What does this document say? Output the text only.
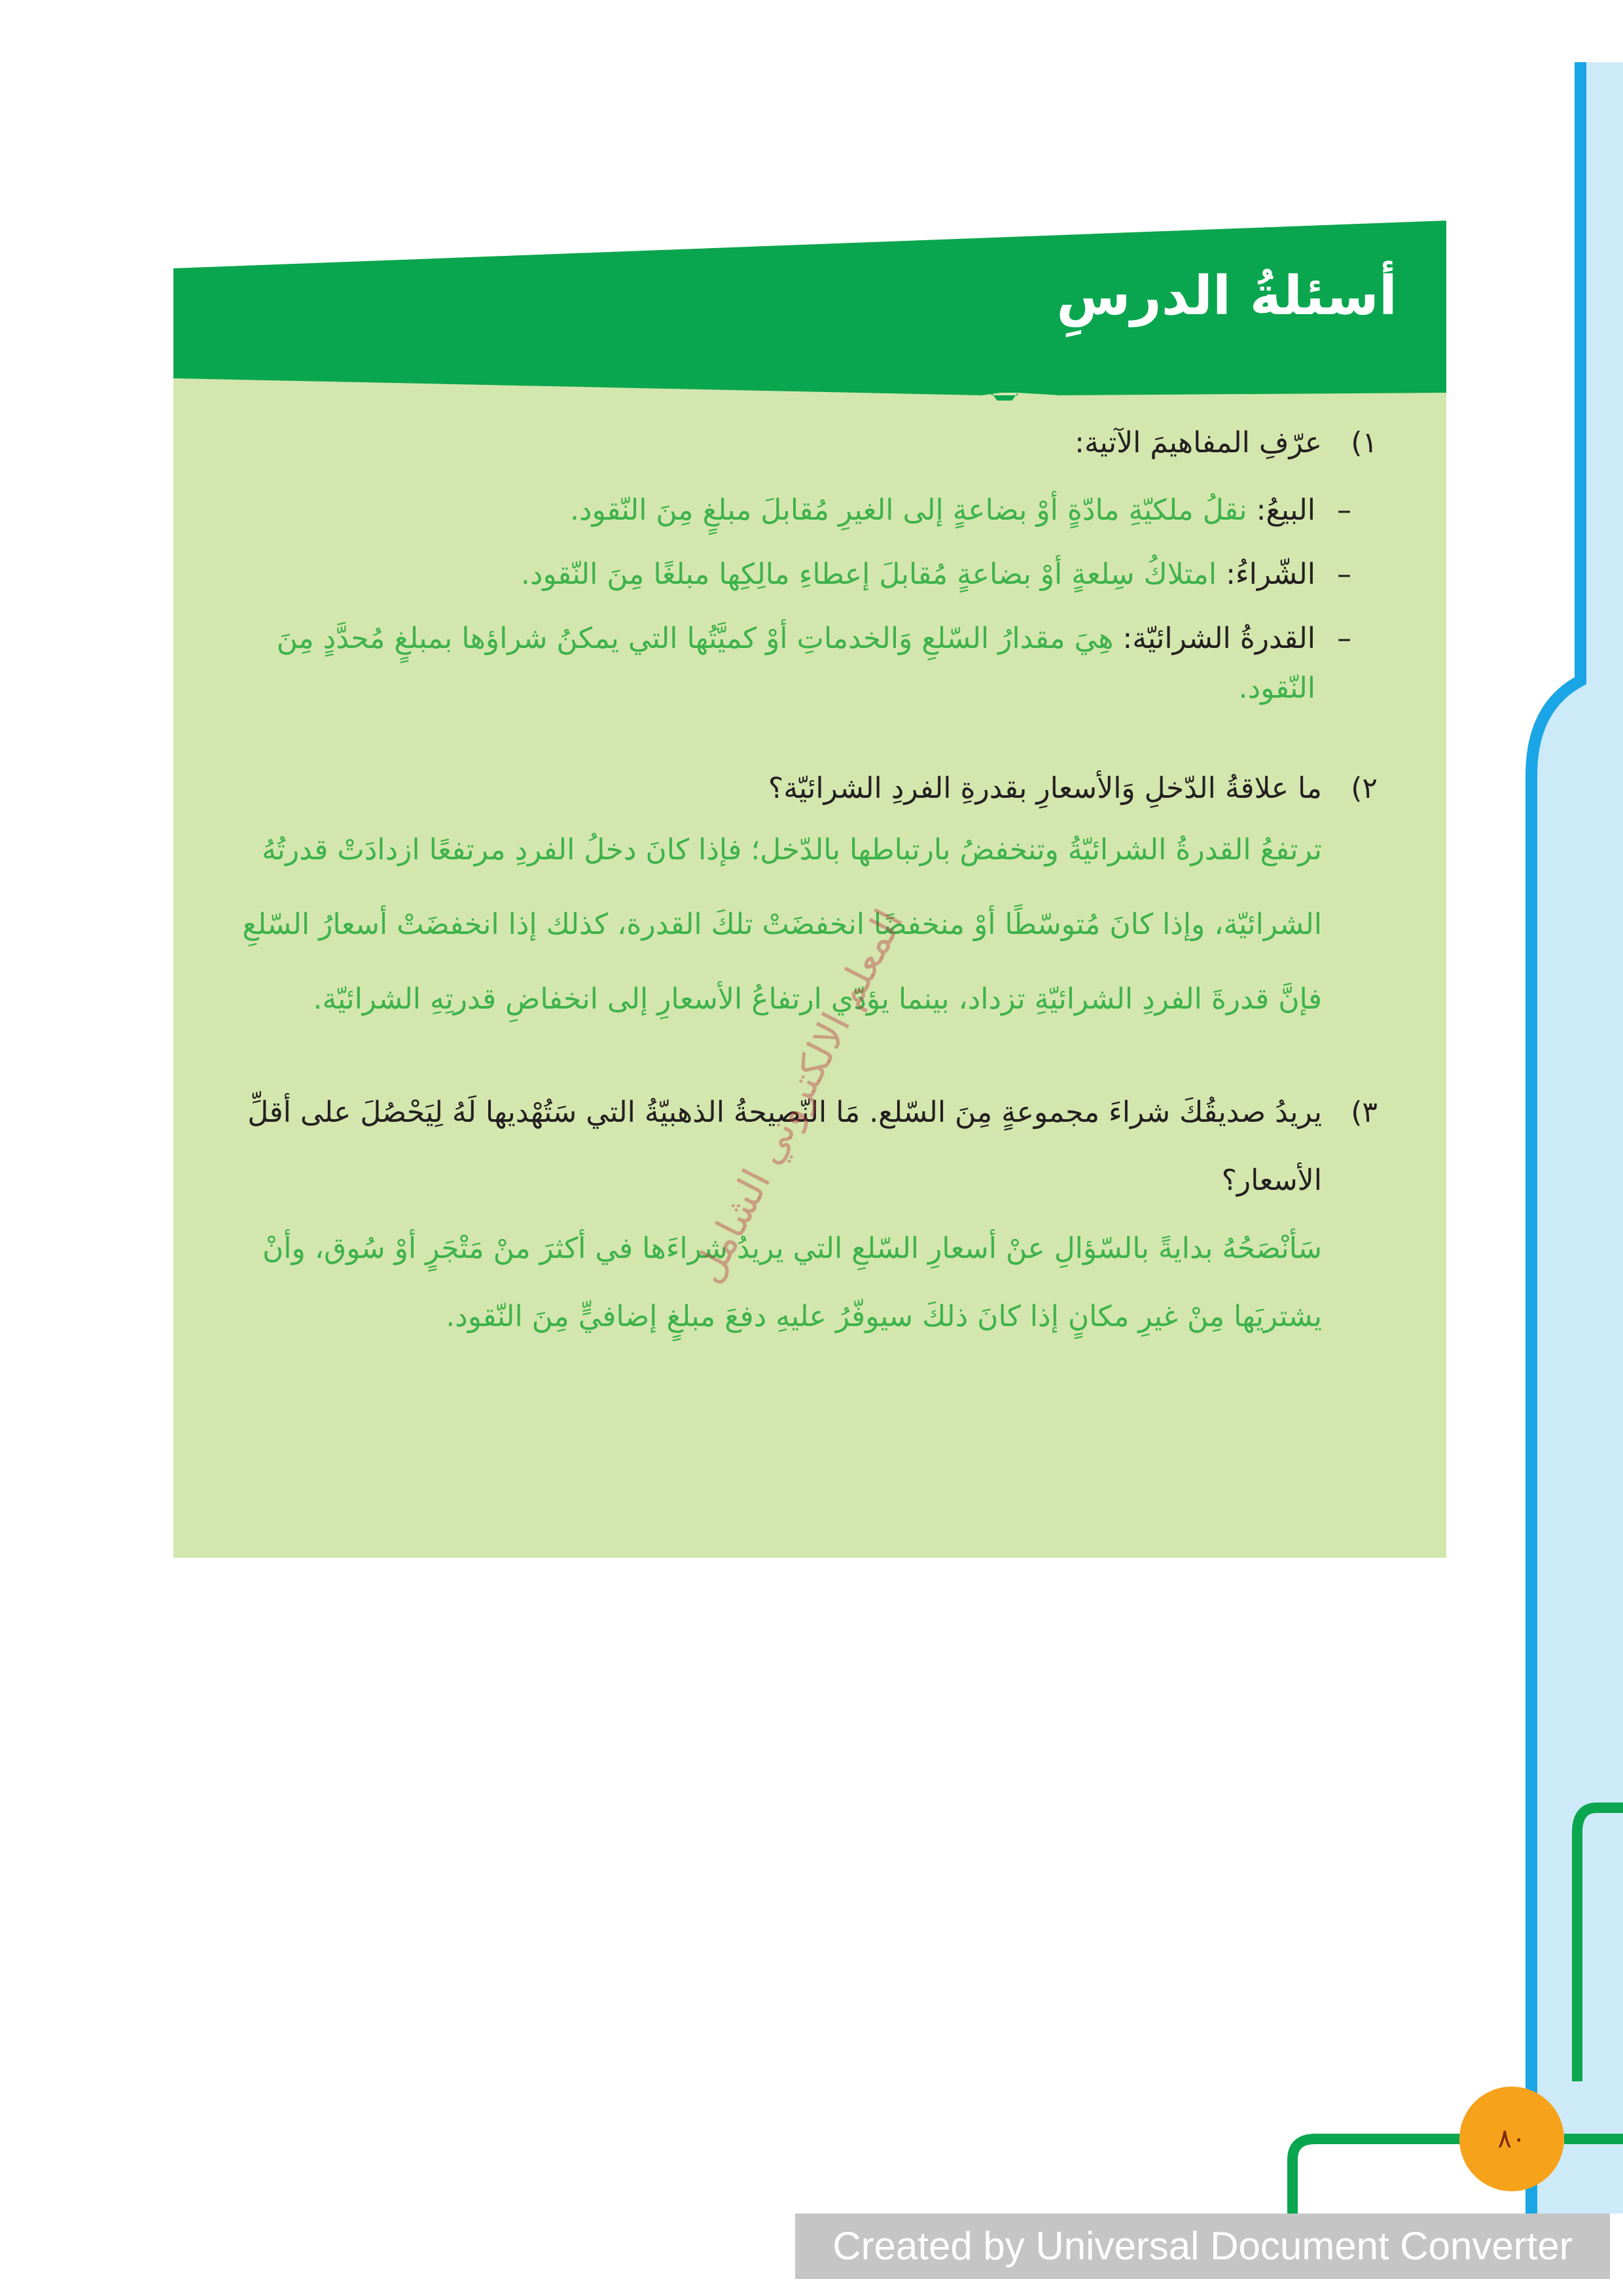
أسئلةُ الدرسِ
١)
عرّفِ المفاهيمَ الآتية:
–
البيعُ: نقلُ ملكيّةِ مادّةٍ أوْ بضاعةٍ إلى الغيرِ مُقابلَ مبلغٍ مِنَ النّقود.
–
الشّراءُ: امتلاكُ سِلعةٍ أوْ بضاعةٍ مُقابلَ إعطاءِ مالِكِها مبلغًا مِنَ النّقود.
–
القدرةُ الشرائيّة: هِيَ مقدارُ السّلعِ وَالخدماتِ أوْ كميَّتُها التي يمكنُ شراؤها بمبلغٍ مُحدَّدٍ مِنَ النّقود.
٢)
ما علاقةُ الدّخلِ وَالأسعارِ بقدرةِ الفردِ الشرائيّة؟
ترتفعُ القدرةُ الشرائيّةُ وتنخفضُ بارتباطها بالدّخل؛ فإذا كانَ دخلُ الفردِ مرتفعًا ازدادَتْ قدرتُهُ الشرائيّة، وإذا كانَ مُتوسّطًا أوْ منخفضًا انخفضَتْ تلكَ القدرة، كذلك إذا انخفضَتْ أسعارُ السّلعِ فإنَّ قدرةَ الفردِ الشرائيّةِ تزداد، بينما يؤدّي ارتفاعُ الأسعارِ إلى انخفاضِ قدرتِهِ الشرائيّة.
٣)
يريدُ صديقُكَ شراءَ مجموعةٍ مِنَ السّلع. مَا النّصيحةُ الذهبيّةُ التي سَتُهْديها لَهُ لِيَحْصُلَ على أقلِّ الأسعار؟
سَأنْصَحُهُ بدايةً بالسّؤالِ عنْ أسعارِ السّلعِ التي يريدُ شراءَها في أكثرَ منْ مَتْجَرٍ أوْ سُوق، وأنْ يشتريَها مِنْ غيرِ مكانٍ إذا كانَ ذلكَ سيوفّرُ عليهِ دفعَ مبلغٍ إضافيٍّ مِنَ النّقود.
المعلم الالكتروني الشامل
٨٠
Created by Universal Document Converter
